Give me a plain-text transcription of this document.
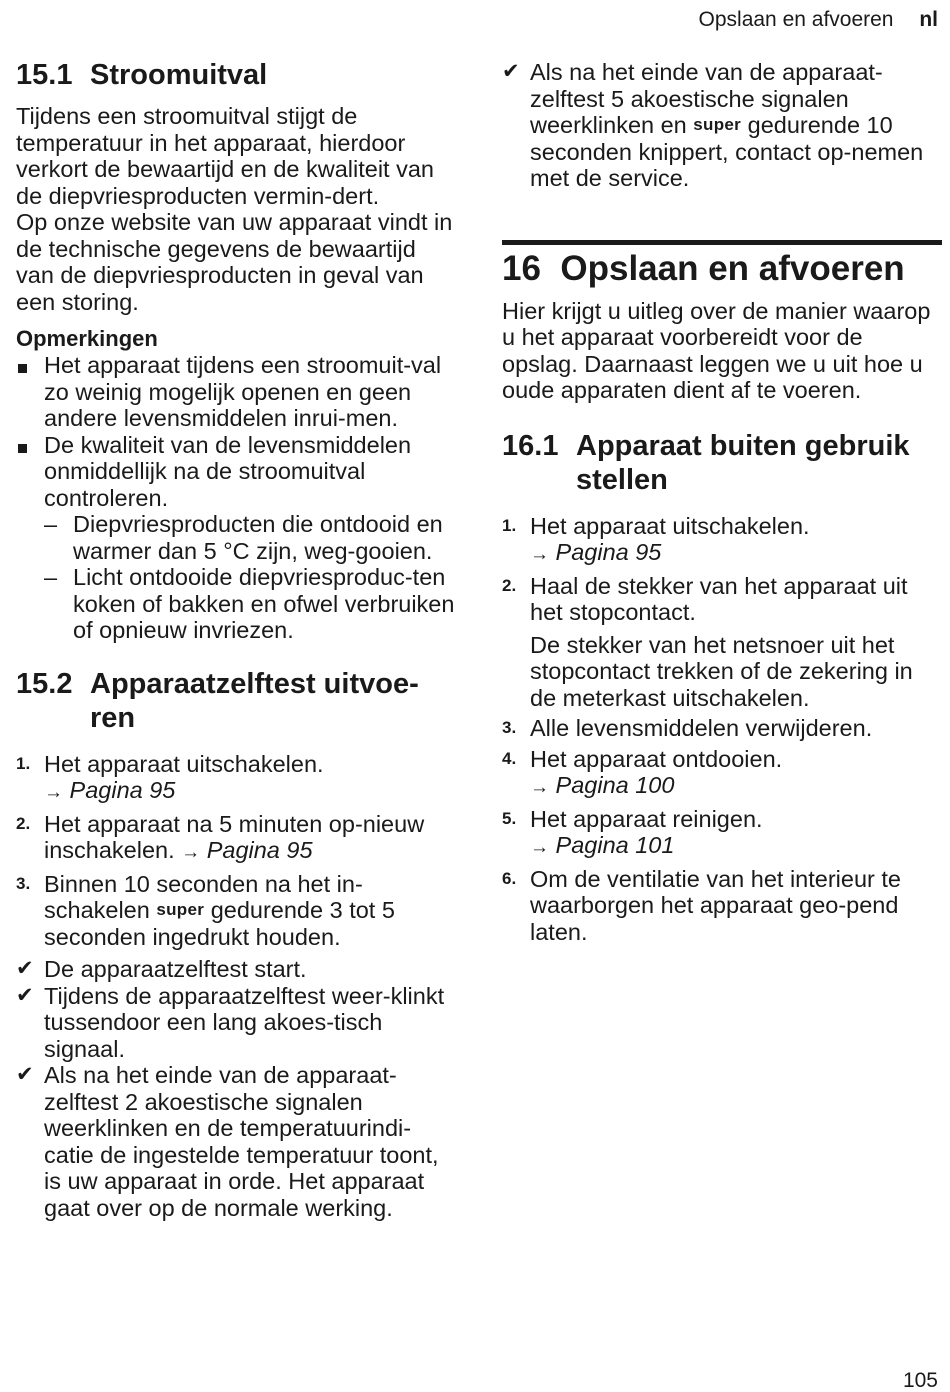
Opslaan en afvoeren nl
15.1 Stroomuitval

Tijdens een stroomuitval stijgt de temperatuur in het apparaat, hierdoor verkort de bewaartijd en de kwaliteit van de diepvriesproducten vermin-dert.

Op onze website van uw apparaat vindt in de technische gegevens de bewaartijd van de diepvriesproducten in geval van een storing.

Opmerkingen

Het apparaat tijdens een stroomuit-val zo weinig mogelijk openen en geen andere levensmiddelen inrui-men.
De kwaliteit van de levensmiddelen onmiddellijk na de stroomuitval controleren.
– Diepvriesproducten die ontdooid en warmer dan 5 °C zijn, weg-gooien.
– Licht ontdooide diepvriesproduc-ten koken of bakken en ofwel verbruiken of opnieuw invriezen.
15.2 Apparaatzelftest uitvoe-
ren
1. Het apparaat uitschakelen.
→ Pagina 95
2. Het apparaat na 5 minuten op-nieuw inschakelen. → Pagina 95
3. Binnen 10 seconden na het in-schakelen super gedurende 3 tot 5 seconden ingedrukt houden.
✔ De apparaatzelftest start.
✔ Tijdens de apparaatzelftest weer-klinkt tussendoor een lang akoes-tisch signaal.
✔ Als na het einde van de apparaat-zelftest 2 akoestische signalen weerklinken en de temperatuurindi-catie de ingestelde temperatuur toont, is uw apparaat in orde. Het apparaat gaat over op de normale werking.
✔ Als na het einde van de apparaat-zelftest 5 akoestische signalen weerklinken en super gedurende 10 seconden knippert, contact op-nemen met de service.
16 Opslaan en afvoeren

Hier krijgt u uitleg over de manier waarop u het apparaat voorbereidt voor de opslag. Daarnaast leggen we u uit hoe u oude apparaten dient af te voeren.

16.1 Apparaat buiten gebruik
stellen
1. Het apparaat uitschakelen.
→ Pagina 95
2. Haal de stekker van het apparaat uit het stopcontact.
De stekker van het netsnoer uit het stopcontact trekken of de zekering in de meterkast uitschakelen.
3. Alle levensmiddelen verwijderen.
4. Het apparaat ontdooien.
→ Pagina 100
5. Het apparaat reinigen.
→ Pagina 101
6. Om de ventilatie van het interieur te waarborgen het apparaat geo-pend laten.
105
